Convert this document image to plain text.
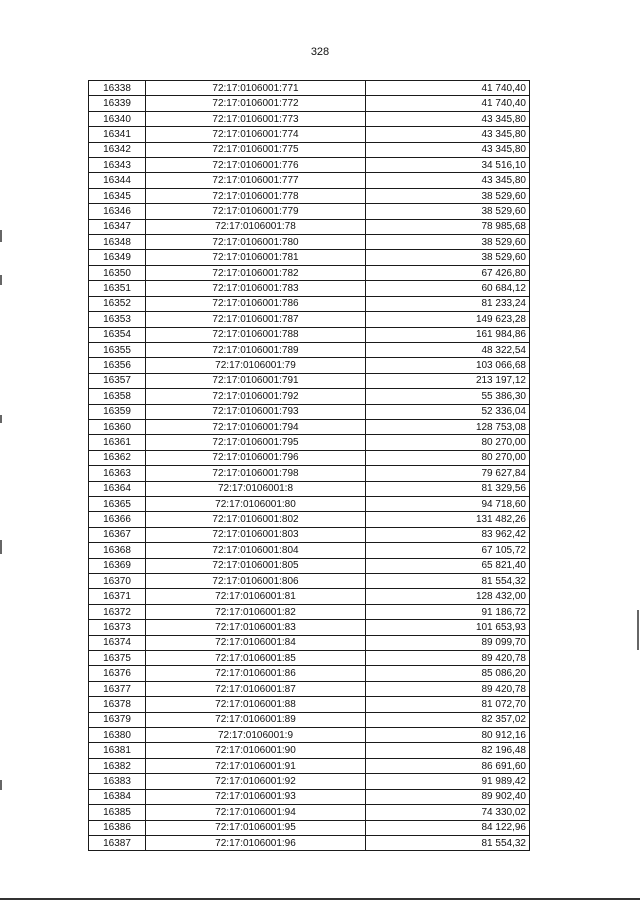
328
16338	72:17:0106001:771	41 740,40
16339	72:17:0106001:772	41 740,40
16340	72:17:0106001:773	43 345,80
16341	72:17:0106001:774	43 345,80
16342	72:17:0106001:775	43 345,80
16343	72:17:0106001:776	34 516,10
16344	72:17:0106001:777	43 345,80
16345	72:17:0106001:778	38 529,60
16346	72:17:0106001:779	38 529,60
16347	72:17:0106001:78	78 985,68
16348	72:17:0106001:780	38 529,60
16349	72:17:0106001:781	38 529,60
16350	72:17:0106001:782	67 426,80
16351	72:17:0106001:783	60 684,12
16352	72:17:0106001:786	81 233,24
16353	72:17:0106001:787	149 623,28
16354	72:17:0106001:788	161 984,86
16355	72:17:0106001:789	48 322,54
16356	72:17:0106001:79	103 066,68
16357	72:17:0106001:791	213 197,12
16358	72:17:0106001:792	55 386,30
16359	72:17:0106001:793	52 336,04
16360	72:17:0106001:794	128 753,08
16361	72:17:0106001:795	80 270,00
16362	72:17:0106001:796	80 270,00
16363	72:17:0106001:798	79 627,84
16364	72:17:0106001:8	81 329,56
16365	72:17:0106001:80	94 718,60
16366	72:17:0106001:802	131 482,26
16367	72:17:0106001:803	83 962,42
16368	72:17:0106001:804	67 105,72
16369	72:17:0106001:805	65 821,40
16370	72:17:0106001:806	81 554,32
16371	72:17:0106001:81	128 432,00
16372	72:17:0106001:82	91 186,72
16373	72:17:0106001:83	101 653,93
16374	72:17:0106001:84	89 099,70
16375	72:17:0106001:85	89 420,78
16376	72:17:0106001:86	85 086,20
16377	72:17:0106001:87	89 420,78
16378	72:17:0106001:88	81 072,70
16379	72:17:0106001:89	82 357,02
16380	72:17:0106001:9	80 912,16
16381	72:17:0106001:90	82 196,48
16382	72:17:0106001:91	86 691,60
16383	72:17:0106001:92	91 989,42
16384	72:17:0106001:93	89 902,40
16385	72:17:0106001:94	74 330,02
16386	72:17:0106001:95	84 122,96
16387	72:17:0106001:96	81 554,32
